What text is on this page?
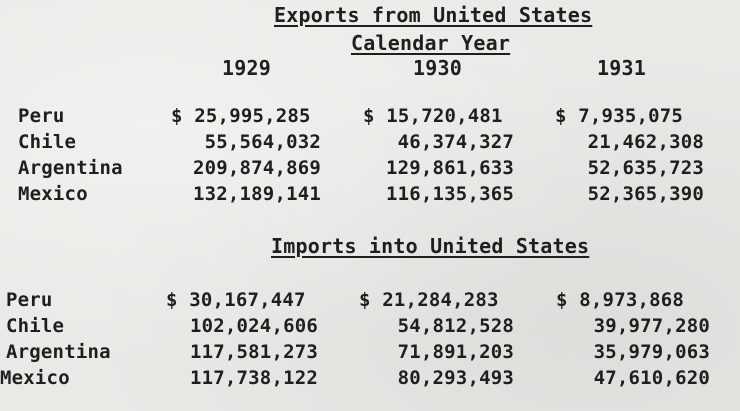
Exports from United States
Calendar Year
1929	1930	1931
Peru	$ 25,995,285	$ 15,720,481	$ 7,935,075
Chile	55,564,032	46,374,327	21,462,308
Argentina	209,874,869	129,861,633	52,635,723
Mexico	132,189,141	116,135,365	52,365,390
Imports into United States
Peru	$ 30,167,447	$ 21,284,283	$ 8,973,868
Chile	102,024,606	54,812,528	39,977,280
Argentina	117,581,273	71,891,203	35,979,063
Mexico	117,738,122	80,293,493	47,610,620
